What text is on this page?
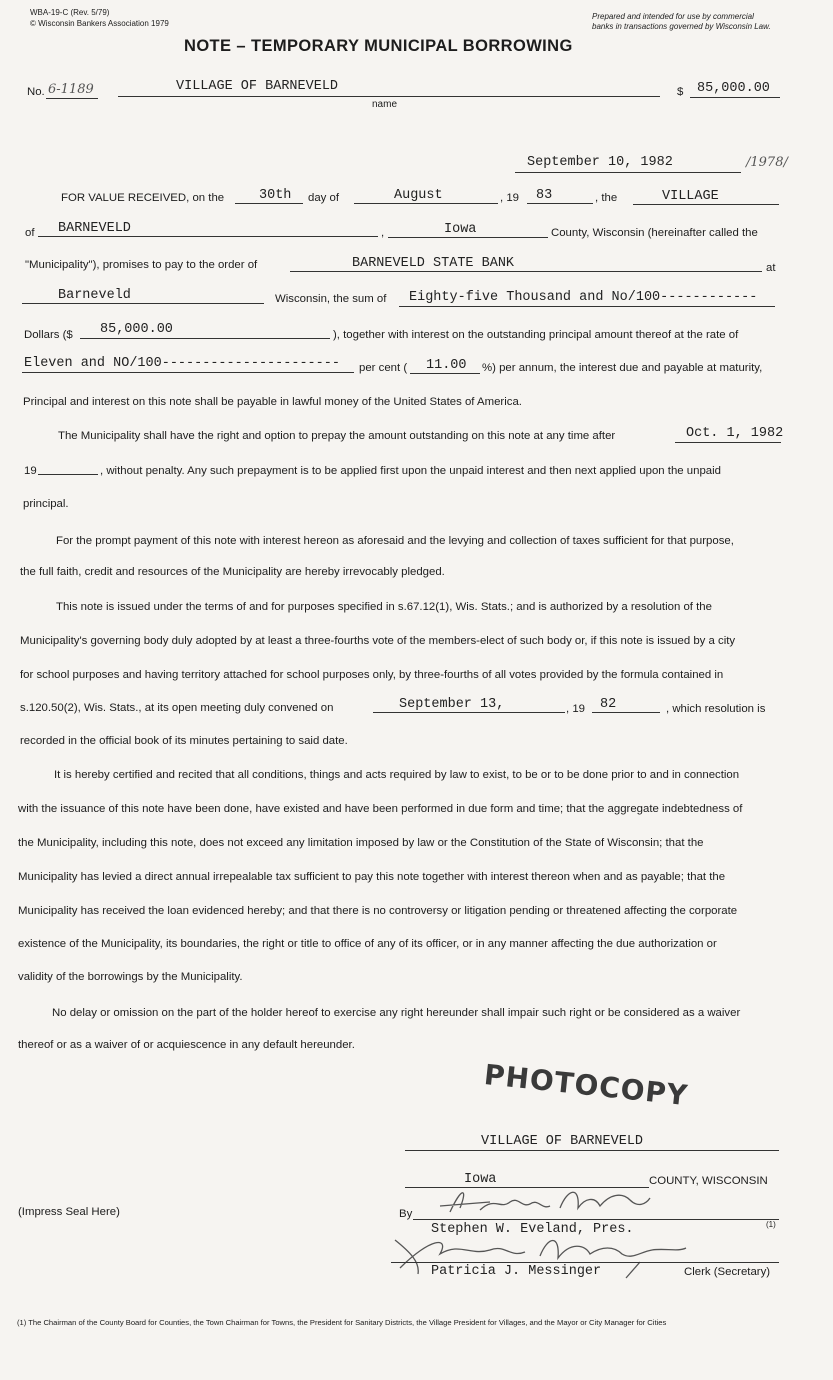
WBA-19-C (Rev. 5/79)
© Wisconsin Bankers Association 1979
Prepared and intended for use by commercial
banks in transactions governed by Wisconsin Law.
NOTE – TEMPORARY MUNICIPAL BORROWING
No. 6-1189	VILLAGE OF BARNEVELD
name
$ 85,000.00
September 10, 1982	/1978/
FOR VALUE RECEIVED, on the	30th day of	August	, 19 83	, the	VILLAGE
of BARNEVELD	,	Iowa	County, Wisconsin (hereinafter called the
"Municipality"), promises to pay to the order of	BARNEVELD STATE BANK	at
Barneveld	Wisconsin, the sum of Eighty-five Thousand and No/100------------
Dollars ($ 85,000.00	), together with interest on the outstanding principal amount thereof at the rate of
Eleven and NO/100---------------------- per cent ( 11.00 %) per annum, the interest due and payable at maturity,
Principal and interest on this note shall be payable in lawful money of the United States of America.
The Municipality shall have the right and option to prepay the amount outstanding on this note at any time after	Oct. 1, 1982
19	, without penalty. Any such prepayment is to be applied first upon the unpaid interest and then next applied upon the unpaid
principal.
For the prompt payment of this note with interest hereon as aforesaid and the levying and collection of taxes sufficient for that purpose,
the full faith, credit and resources of the Municipality are hereby irrevocably pledged.
This note is issued under the terms of and for purposes specified in s.67.12(1), Wis. Stats.; and is authorized by a resolution of the
Municipality's governing body duly adopted by at least a three-fourths vote of the members-elect of such body or, if this note is issued by a city
for school purposes and having territory attached for school purposes only, by three-fourths of all votes provided by the formula contained in
s.120.50(2), Wis. Stats., at its open meeting duly convened on	September 13,	, 19 82	, which resolution is
recorded in the official book of its minutes pertaining to said date.
It is hereby certified and recited that all conditions, things and acts required by law to exist, to be or to be done prior to and in connection
with the issuance of this note have been done, have existed and have been performed in due form and time; that the aggregate indebtedness of
the Municipality, including this note, does not exceed any limitation imposed by law or the Constitution of the State of Wisconsin; that the
Municipality has levied a direct annual irrepealable tax sufficient to pay this note together with interest thereon when and as payable; that the
Municipality has received the loan evidenced hereby; and that there is no controversy or litigation pending or threatened affecting the corporate
existence of the Municipality, its boundaries, the right or title to office of any of its officer, or in any manner affecting the due authorization or
validity of the borrowings by the Municipality.
No delay or omission on the part of the holder hereof to exercise any right hereunder shall impair such right or be considered as a waiver
thereof or as a waiver of or acquiescence in any default hereunder.
PHOTOCOPY
VILLAGE OF BARNEVELD
Iowa	COUNTY, WISCONSIN
(Impress Seal Here)	By
Stephen W. Eveland, Pres.	(1)
Patricia J. Messinger	Clerk (Secretary)
(1) The Chairman of the County Board for Counties, the Town Chairman for Towns, the President for Sanitary Districts, the Village President for Villages, and the Mayor or City Manager for Cities
